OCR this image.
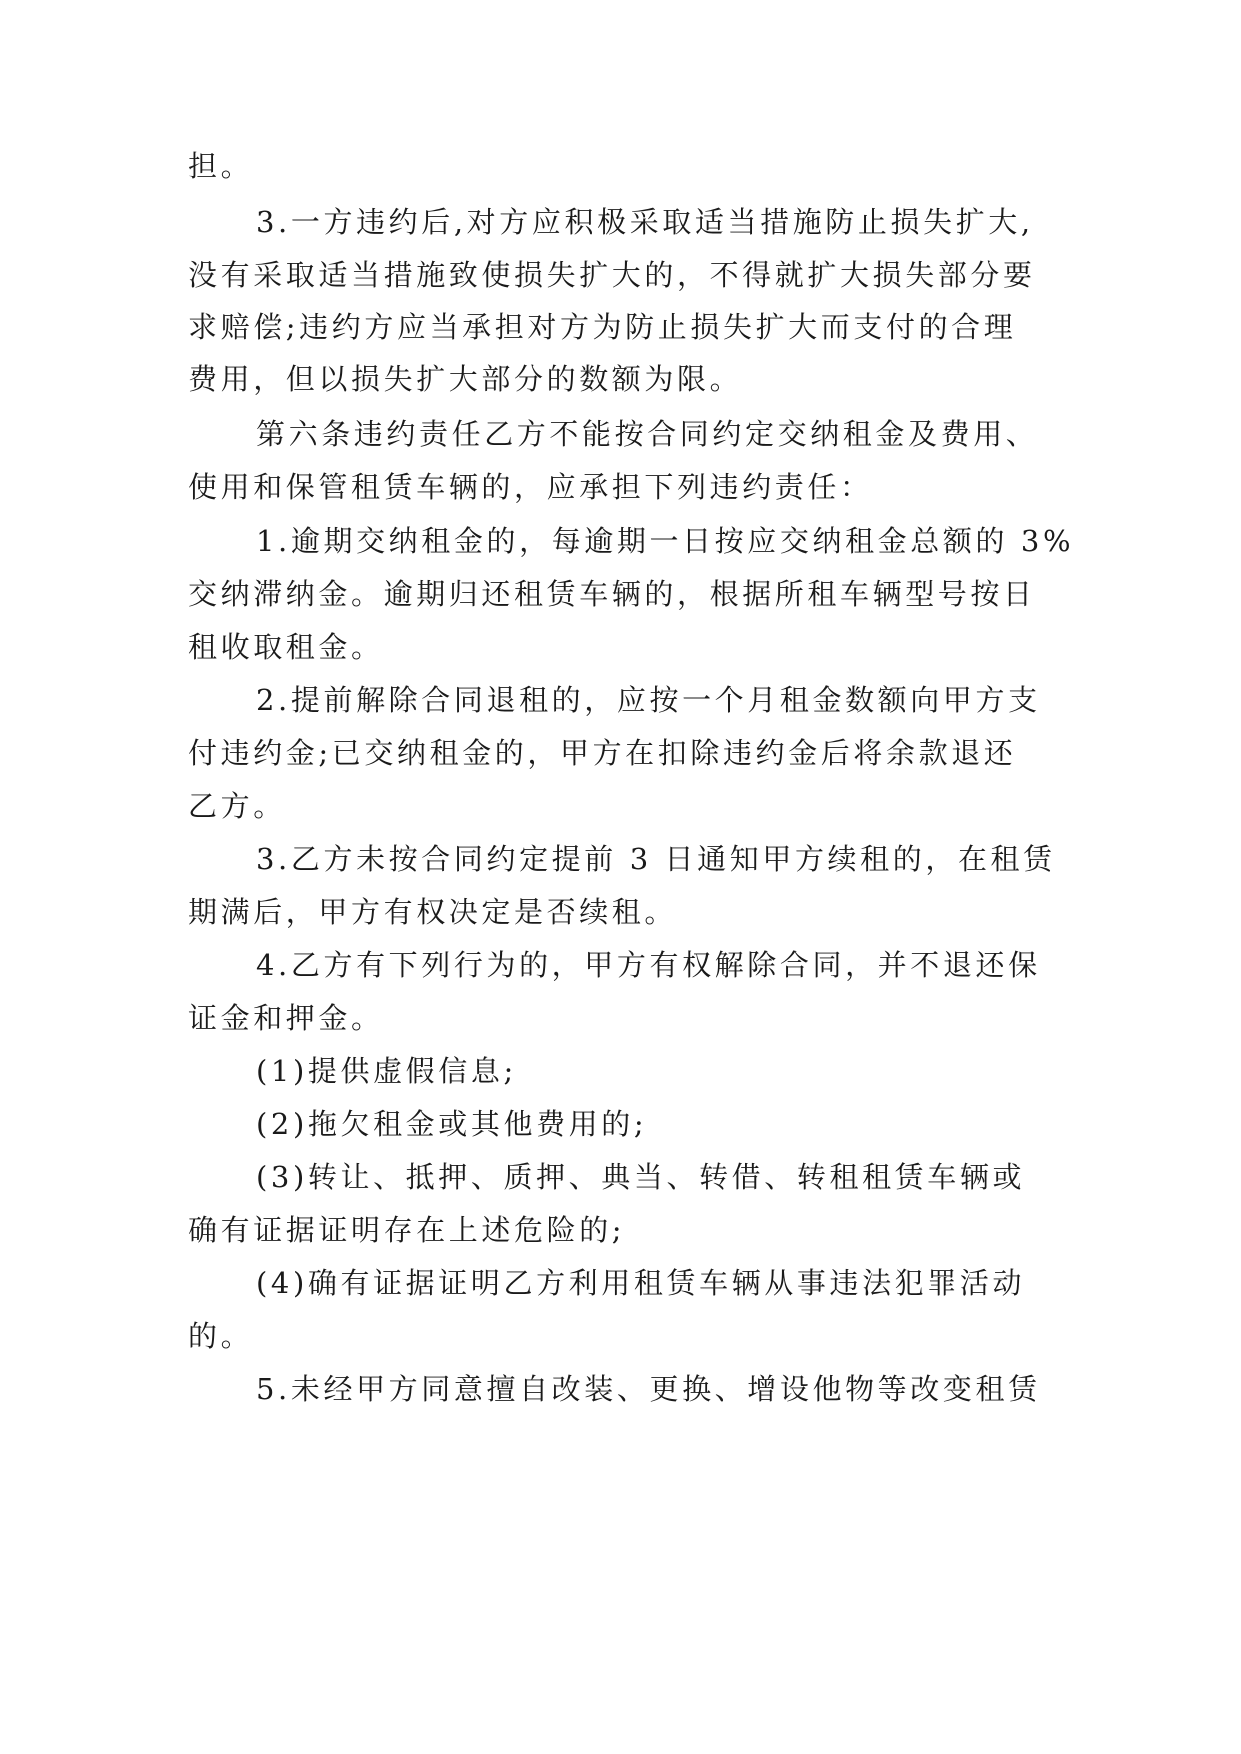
担。
3.一方违约后,对方应积极采取适当措施防止损失扩大,
没有采取适当措施致使损失扩大的，不得就扩大损失部分要
求赔偿;违约方应当承担对方为防止损失扩大而支付的合理
费用，但以损失扩大部分的数额为限。
第六条违约责任乙方不能按合同约定交纳租金及费用、
使用和保管租赁车辆的，应承担下列违约责任：
1.逾期交纳租金的，每逾期一日按应交纳租金总额的 3%
交纳滞纳金。逾期归还租赁车辆的，根据所租车辆型号按日
租收取租金。
2.提前解除合同退租的，应按一个月租金数额向甲方支
付违约金;已交纳租金的，甲方在扣除违约金后将余款退还
乙方。
3.乙方未按合同约定提前 3 日通知甲方续租的，在租赁
期满后，甲方有权决定是否续租。
4.乙方有下列行为的，甲方有权解除合同，并不退还保
证金和押金。
(1)提供虚假信息;
(2)拖欠租金或其他费用的;
(3)转让、抵押、质押、典当、转借、转租租赁车辆或
确有证据证明存在上述危险的;
(4)确有证据证明乙方利用租赁车辆从事违法犯罪活动
的。
5.未经甲方同意擅自改装、更换、增设他物等改变租赁
